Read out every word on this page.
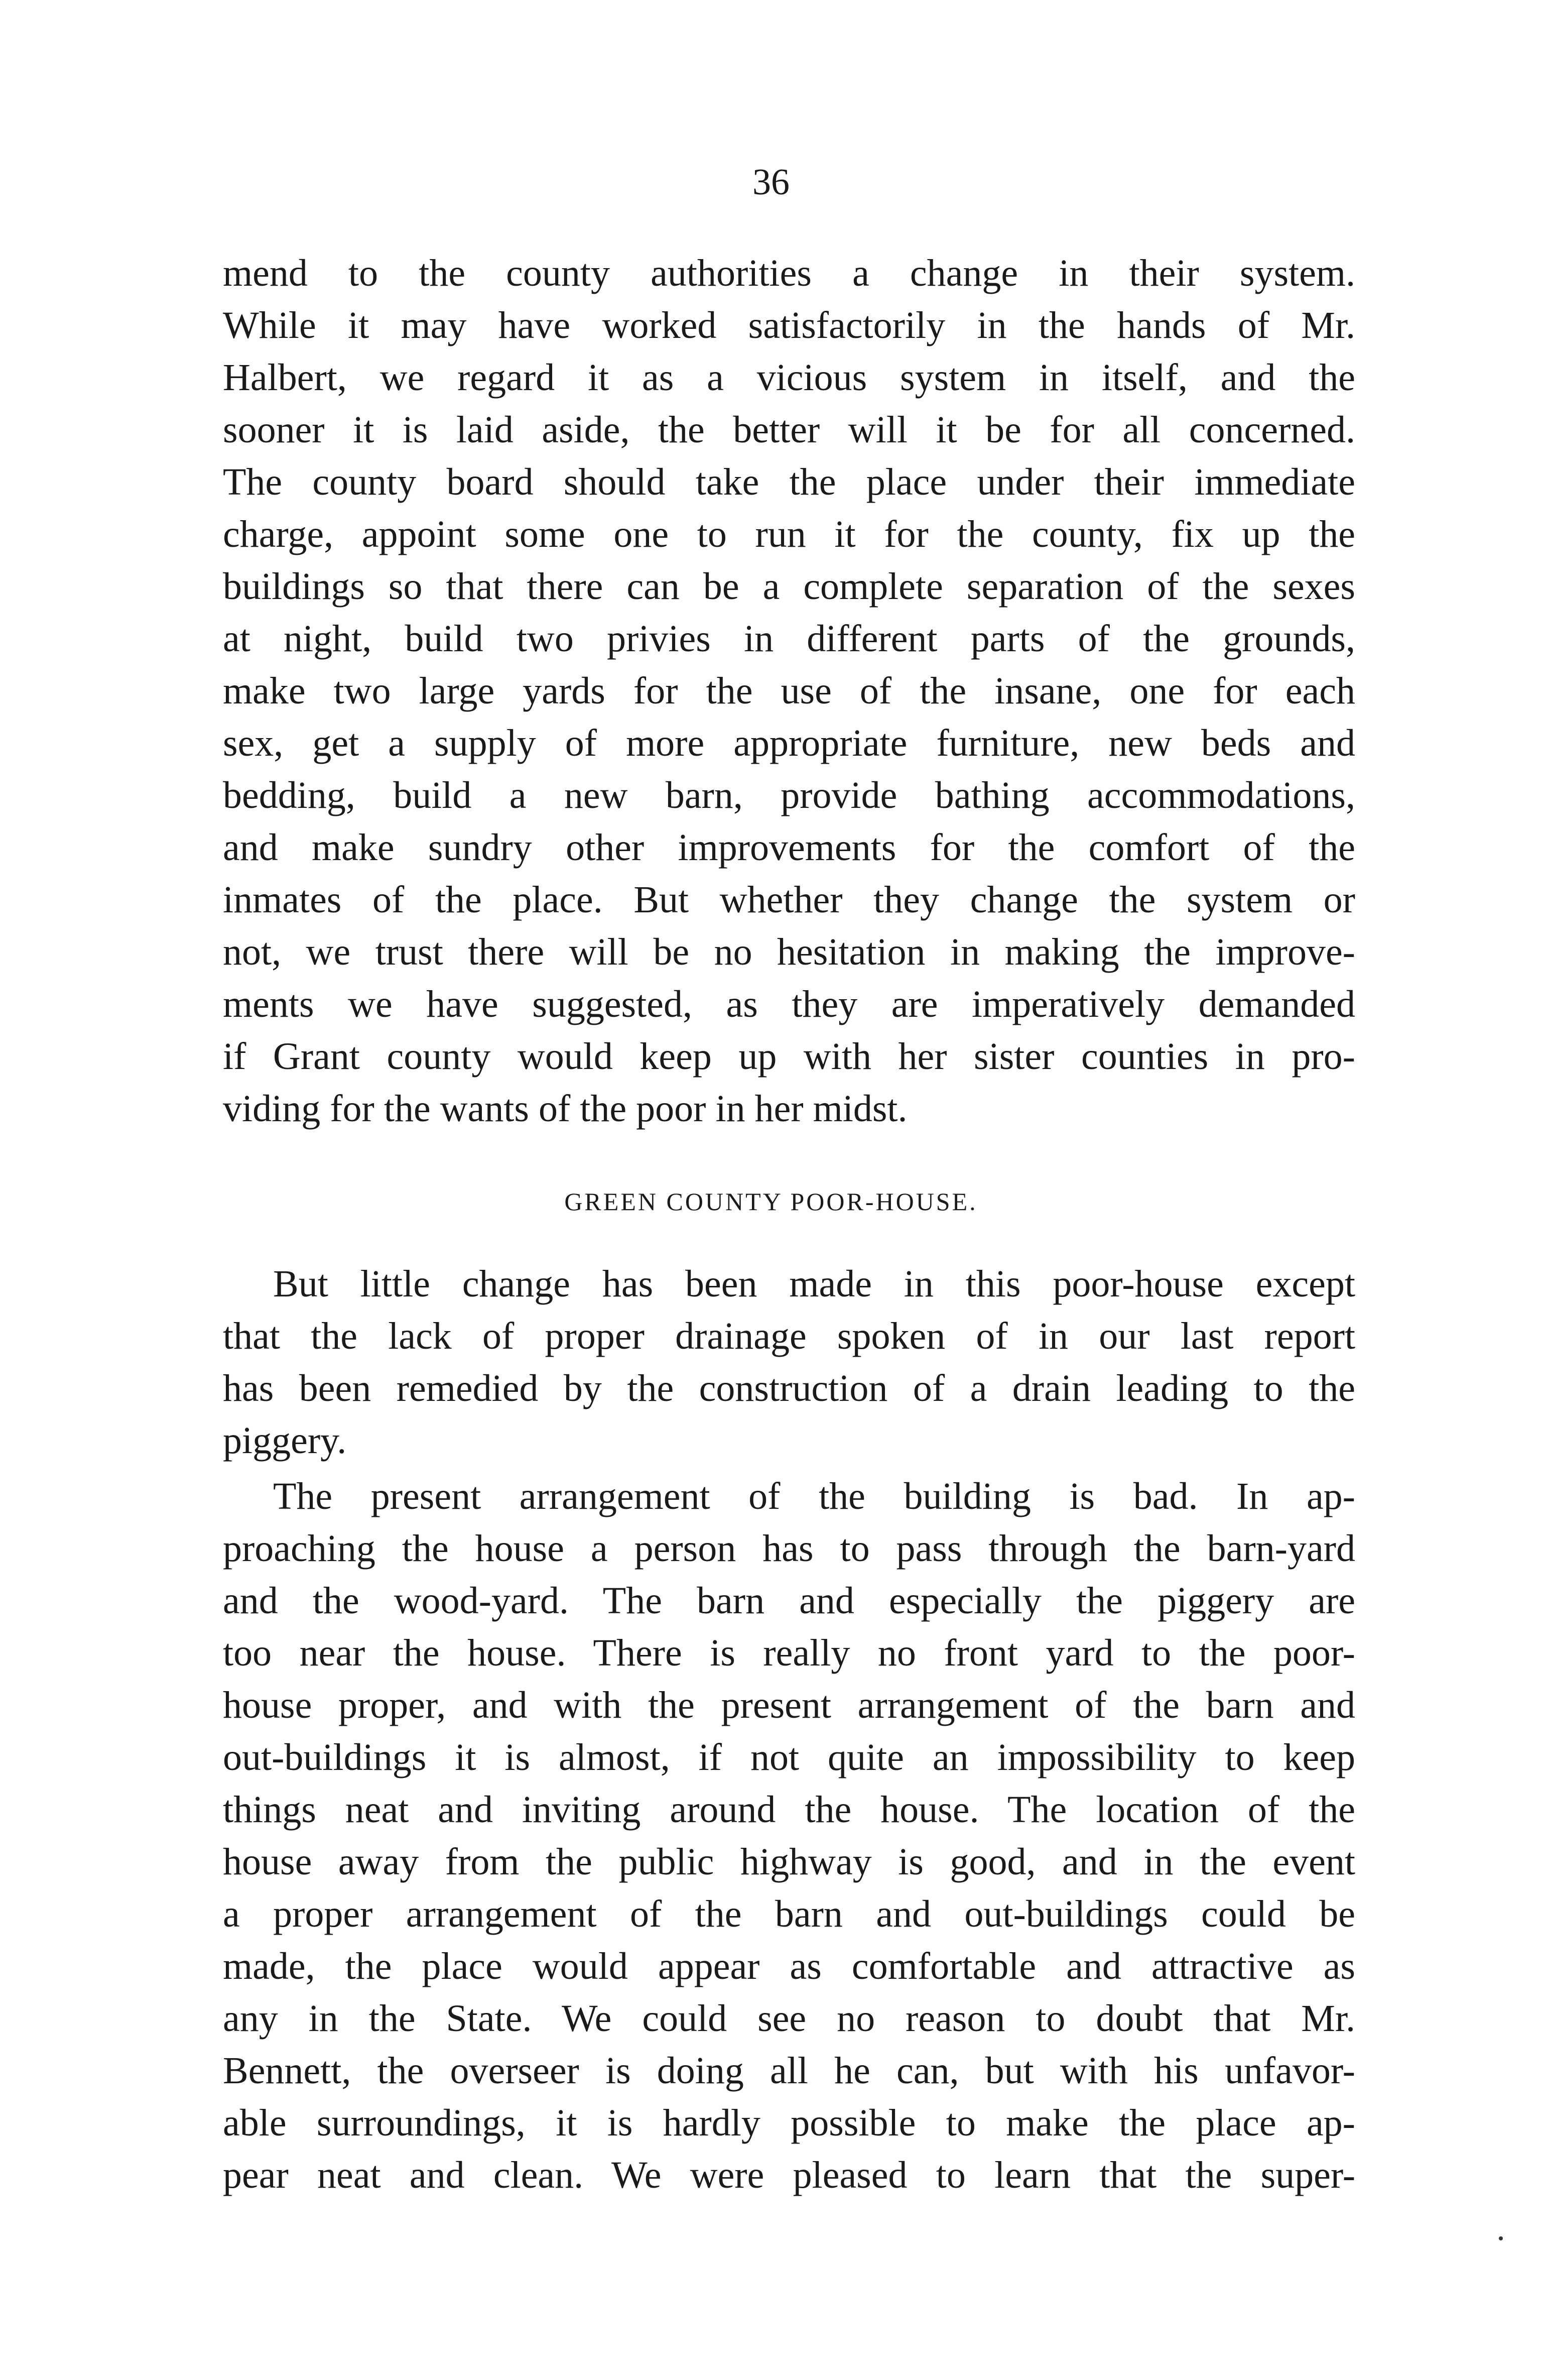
36
mend to the county authorities a change in their system.
While it may have worked satisfactorily in the hands of Mr.
Halbert, we regard it as a vicious system in itself, and the
sooner it is laid aside, the better will it be for all concerned.
The county board should take the place under their immediate
charge, appoint some one to run it for the county, fix up the
buildings so that there can be a complete separation of the sexes
at night, build two privies in different parts of the grounds,
make two large yards for the use of the insane, one for each
sex, get a supply of more appropriate furniture, new beds and
bedding, build a new barn, provide bathing accommodations,
and make sundry other improvements for the comfort of the
inmates of the place. But whether they change the system or
not, we trust there will be no hesitation in making the improve-
ments we have suggested, as they are imperatively demanded
if Grant county would keep up with her sister counties in pro-
viding for the wants of the poor in her midst.
GREEN COUNTY POOR-HOUSE.
But little change has been made in this poor-house except
that the lack of proper drainage spoken of in our last report
has been remedied by the construction of a drain leading to the
piggery.
The present arrangement of the building is bad. In ap-
proaching the house a person has to pass through the barn-yard
and the wood-yard. The barn and especially the piggery are
too near the house. There is really no front yard to the poor-
house proper, and with the present arrangement of the barn and
out-buildings it is almost, if not quite an impossibility to keep
things neat and inviting around the house. The location of the
house away from the public highway is good, and in the event
a proper arrangement of the barn and out-buildings could be
made, the place would appear as comfortable and attractive as
any in the State. We could see no reason to doubt that Mr.
Bennett, the overseer is doing all he can, but with his unfavor-
able surroundings, it is hardly possible to make the place ap-
pear neat and clean. We were pleased to learn that the super-
